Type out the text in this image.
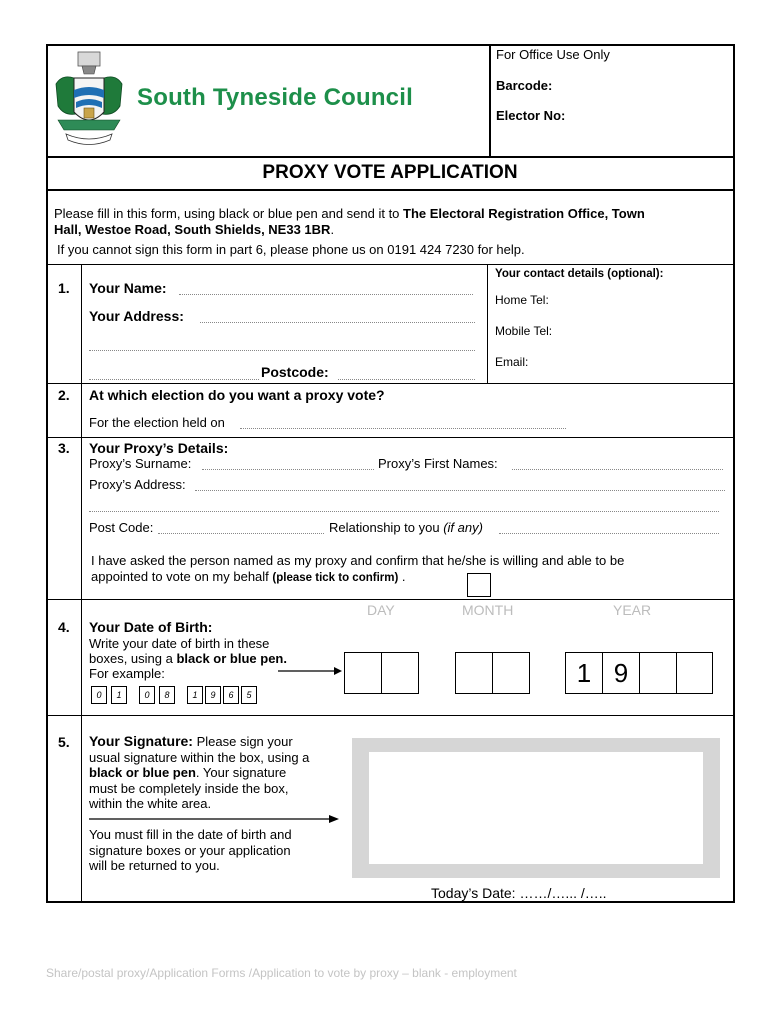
South Tyneside Council
For Office Use Only
Barcode:
Elector No:
PROXY VOTE APPLICATION
Please fill in this form, using black or blue pen and send it to The Electoral Registration Office, Town
Hall, Westoe Road, South Shields, NE33 1BR.
If you cannot sign this form in part 6, please phone us on 0191 424 7230 for help.
1. Your Name:
Your Address:
Postcode:
Your contact details (optional):
Home Tel:
Mobile Tel:
Email:
2. At which election do you want a proxy vote?
For the election held on
3. Your Proxy’s Details:
Proxy’s Surname:	Proxy’s First Names:
Proxy’s Address:
Post Code:	Relationship to you (if any)
I have asked the person named as my proxy and confirm that he/she is willing and able to be
appointed to vote on my behalf (please tick to confirm) .
DAY	MONTH	YEAR
4. Your Date of Birth:
Write your date of birth in these
boxes, using a black or blue pen.
For example:
0	1	0	8	1	9	6	5
1 9
5. Your Signature: Please sign your
usual signature within the box, using a
black or blue pen. Your signature
must be completely inside the box,
within the white area.
You must fill in the date of birth and
signature boxes or your application
will be returned to you.
Today’s Date: ……/…... /…..
Share/postal proxy/Application Forms /Application to vote by proxy – blank - employment
